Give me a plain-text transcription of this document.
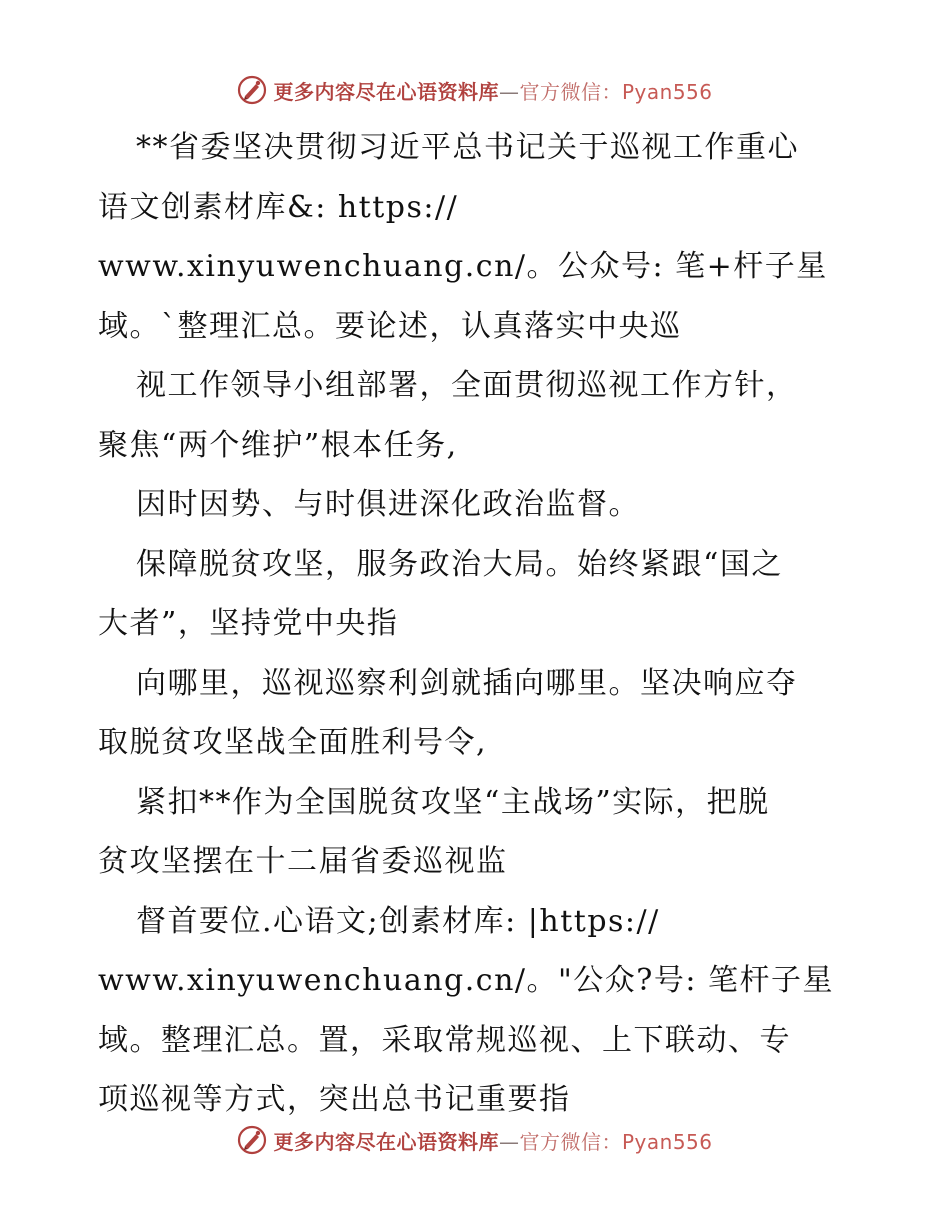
更多内容尽在心语资料库—官方微信：Pyan556
**省委坚决贯彻习近平总书记关于巡视工作重心
语文创素材库&: https://
www.xinyuwenchuang.cn/。公众号: 笔+杆子星
域。`整理汇总。要论述，认真落实中央巡
视工作领导小组部署，全面贯彻巡视工作方针，
聚焦“两个维护”根本任务,
因时因势、与时俱进深化政治监督。
保障脱贫攻坚，服务政治大局。始终紧跟“国之
大者”，坚持党中央指
向哪里，巡视巡察利剑就插向哪里。坚决响应夺
取脱贫攻坚战全面胜利号令,
紧扣**作为全国脱贫攻坚“主战场”实际，把脱
贫攻坚摆在十二届省委巡视监
督首要位.心语文;创素材库: |https://
www.xinyuwenchuang.cn/。"公众?号: 笔杆子星
域。整理汇总。置，采取常规巡视、上下联动、专
项巡视等方式，突出总书记重要指
更多内容尽在心语资料库—官方微信：Pyan556
